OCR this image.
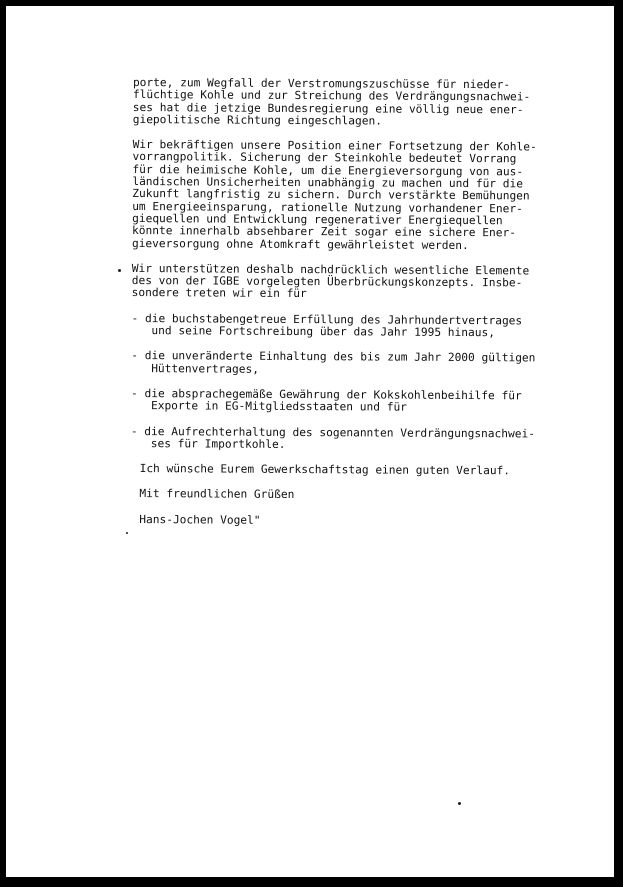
porte, zum Wegfall der Verstromungszuschüsse für nieder-
flüchtige Kohle und zur Streichung des Verdrängungsnachwei-
ses hat die jetzige Bundesregierung eine völlig neue ener-
giepolitische Richtung eingeschlagen.
Wir bekräftigen unsere Position einer Fortsetzung der Kohle-
vorrangpolitik. Sicherung der Steinkohle bedeutet Vorrang
für die heimische Kohle, um die Energieversorgung von aus-
ländischen Unsicherheiten unabhängig zu machen und für die
Zukunft langfristig zu sichern. Durch verstärkte Bemühungen
um Energieeinsparung, rationelle Nutzung vorhandener Ener-
giequellen und Entwicklung regenerativer Energiequellen
könnte innerhalb absehbarer Zeit sogar eine sichere Ener-
gieversorgung ohne Atomkraft gewährleistet werden.
Wir unterstützen deshalb nachdrücklich wesentliche Elemente
des von der IGBE vorgelegten Überbrückungskonzepts. Insbe-
sondere treten wir ein für
- die buchstabengetreue Erfüllung des Jahrhundertvertrages
und seine Fortschreibung über das Jahr 1995 hinaus,
- die unveränderte Einhaltung des bis zum Jahr 2000 gültigen
Hüttenvertrages,
- die absprachegemäße Gewährung der Kokskohlenbeihilfe für
Exporte in EG-Mitgliedsstaaten und für
- die Aufrechterhaltung des sogenannten Verdrängungsnachwei-
ses für Importkohle.
Ich wünsche Eurem Gewerkschaftstag einen guten Verlauf.
Mit freundlichen Grüßen
Hans-Jochen Vogel"
